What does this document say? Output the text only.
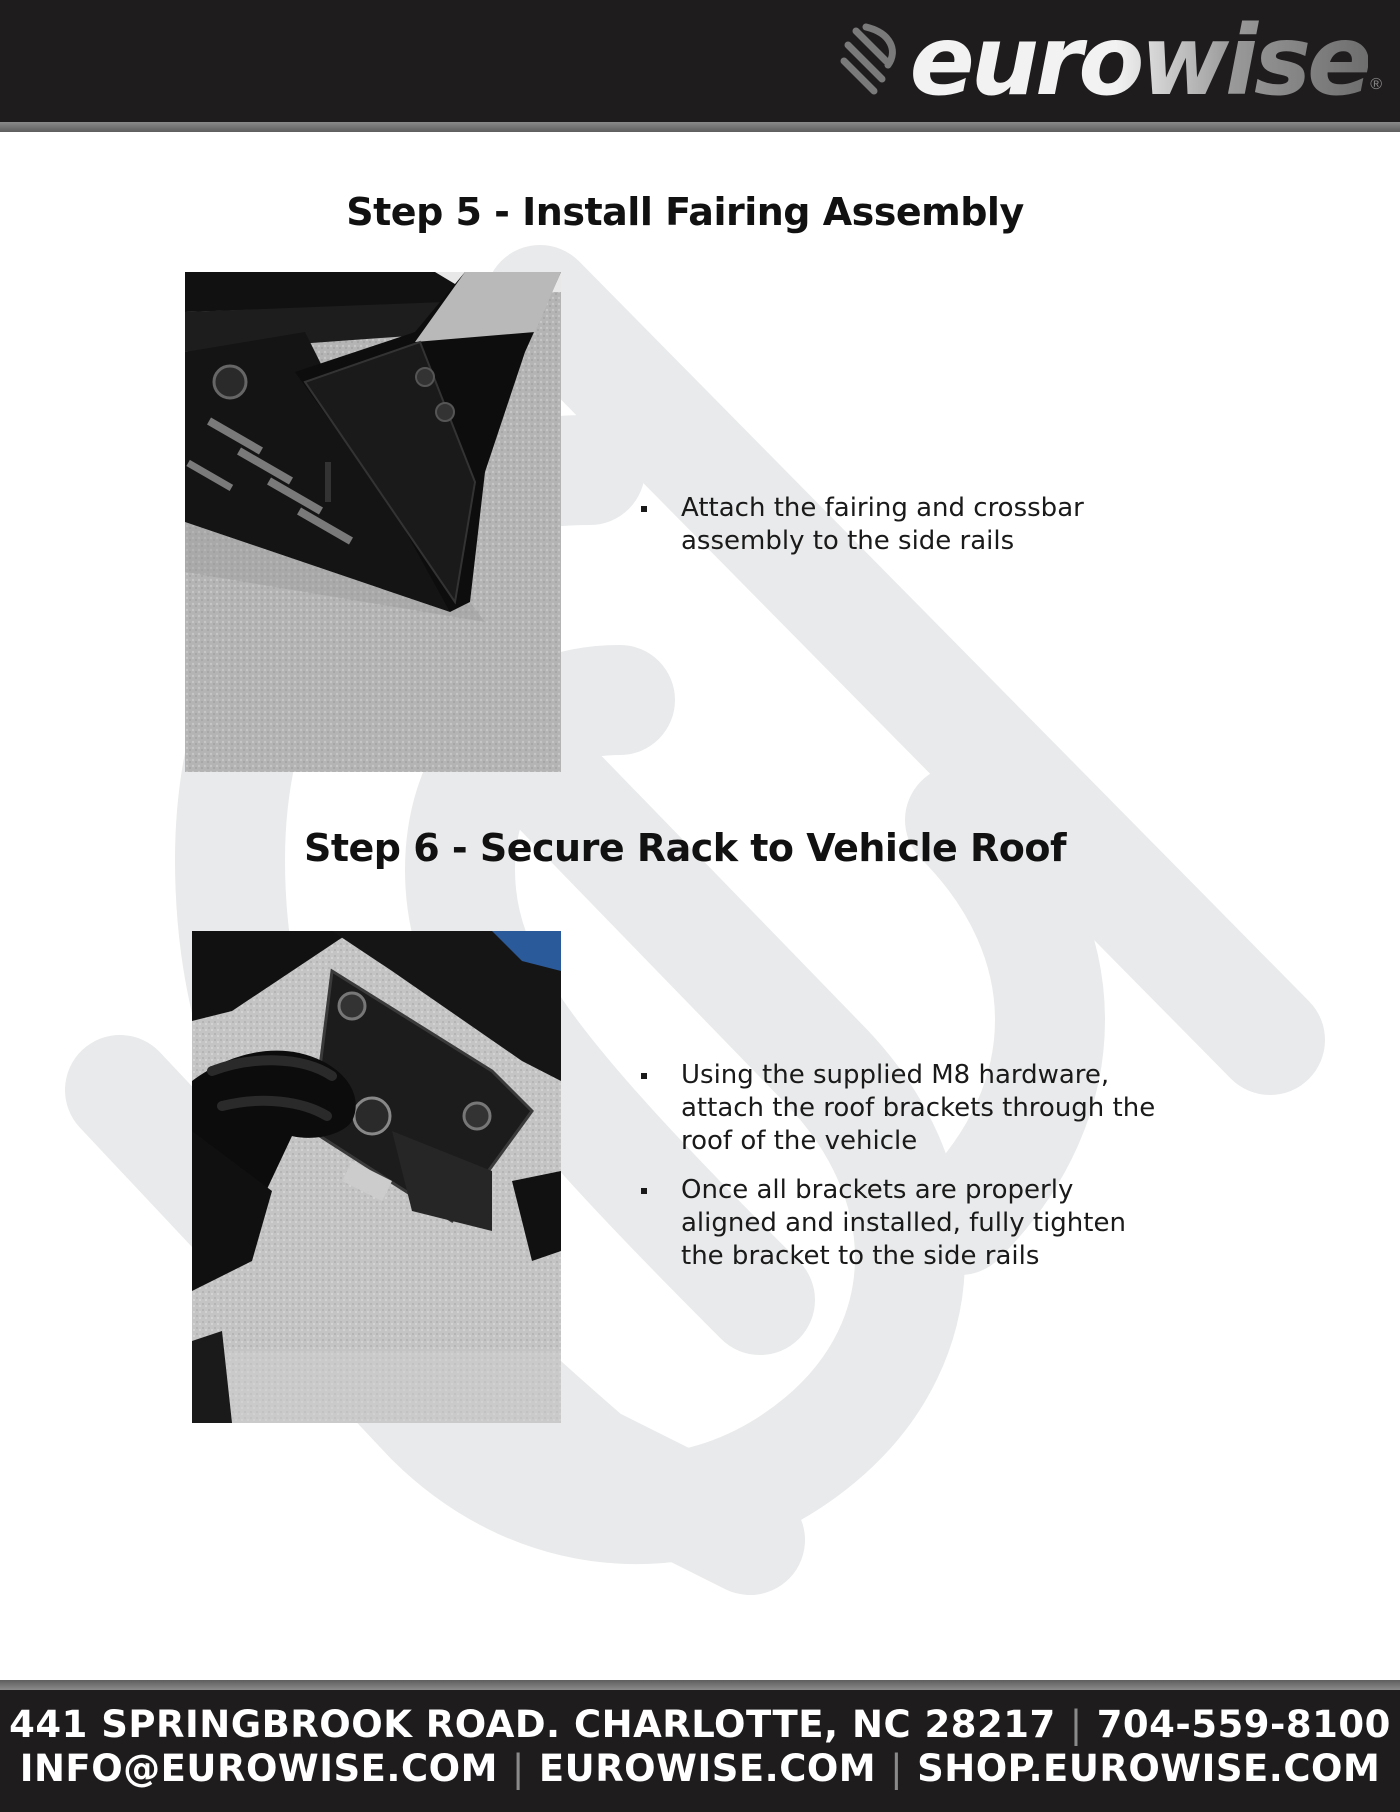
eurowise ®
Step 5 - Install Fairing Assembly
Attach the fairing and crossbar assembly to the side rails
Step 6 - Secure Rack to Vehicle Roof
Using the supplied M8 hardware, attach the roof brackets through the roof of the vehicle
Once all brackets are properly aligned and installed, fully tighten the bracket to the side rails
441 SPRINGBROOK ROAD. CHARLOTTE, NC 28217 | 704-559-8100
INFO@EUROWISE.COM | EUROWISE.COM | SHOP.EUROWISE.COM
